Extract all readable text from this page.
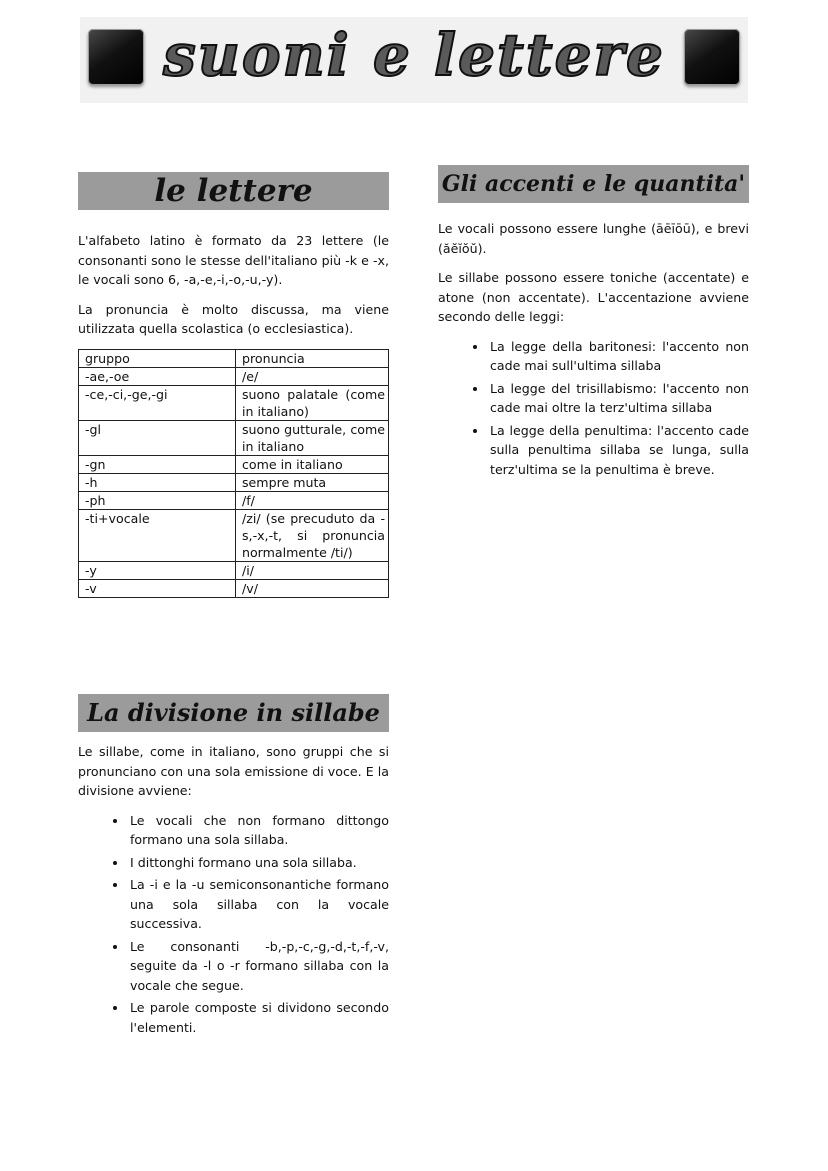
suoni e lettere
le lettere

L'alfabeto latino è formato da 23 lettere (le consonanti sono le stesse dell'italiano più -k e -x, le vocali sono 6, -a,-e,-i,-o,-u,-y).

La pronuncia è molto discussa, ma viene utilizzata quella scolastica (o ecclesiastica).

gruppo	pronuncia
-ae,-oe	/e/
-ce,-ci,-ge,-gi	suono palatale (come in italiano)
-gl	suono gutturale, come in italiano
-gn	come in italiano
-h	sempre muta
-ph	/f/
-ti+vocale	/zi/ (se precuduto da -s,-x,-t, si pronuncia normalmente /ti/)
-y	/i/
-v	/v/
La divisione in sillabe

Le sillabe, come in italiano, sono gruppi che si pronunciano con una sola emissione di voce. E la divisione avviene:

• Le vocali che non formano dittongo formano una sola sillaba.
• I dittonghi formano una sola sillaba.
• La -i e la -u semiconsonantiche formano una sola sillaba con la vocale successiva.
• Le consonanti -b,-p,-c,-g,-d,-t,-f,-v, seguite da -l o -r formano sillaba con la vocale che segue.
• Le parole composte si dividono secondo l'elementi.
Gli accenti e le quantita'

Le vocali possono essere lunghe (āēīōū), e brevi (ăĕĭŏŭ).

Le sillabe possono essere toniche (accentate) e atone (non accentate). L'accentazione avviene secondo delle leggi:

• La legge della baritonesi: l'accento non cade mai sull'ultima sillaba
• La legge del trisillabismo: l'accento non cade mai oltre la terz'ultima sillaba
• La legge della penultima: l'accento cade sulla penultima sillaba se lunga, sulla terz'ultima se la penultima è breve.
